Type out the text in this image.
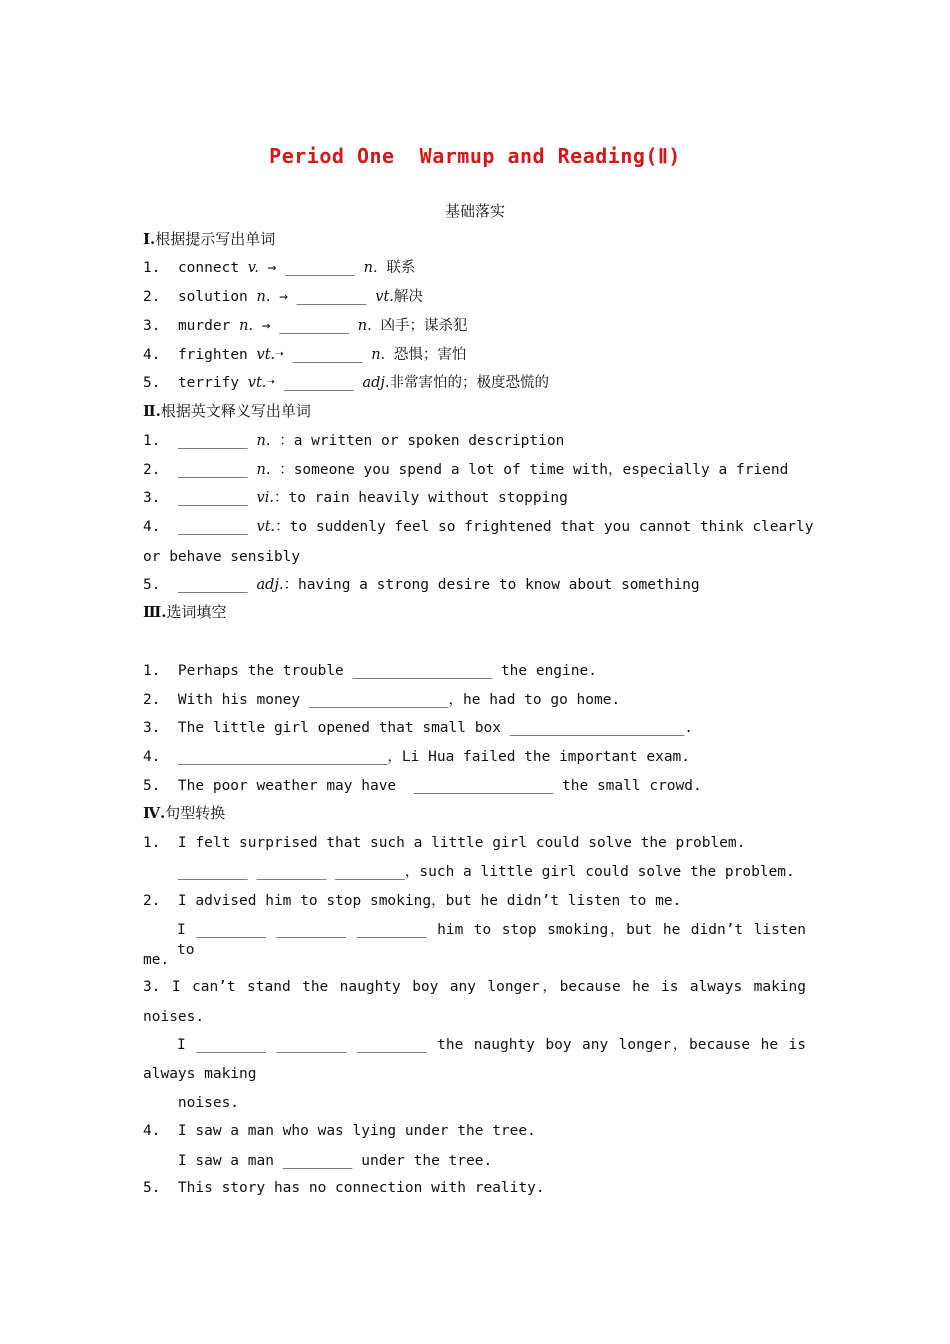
Period One  Warmup and Reading(Ⅱ)
基础落实
Ⅰ.根据提示写出单词
1. connect v. → ________ n. 联系
2. solution n. → ________ vt.解决
3. murder n. → ________ n. 凶手；谋杀犯
4. frighten vt.➝ ________ n. 恐惧；害怕
5. terrify vt.➝ ________ adj.非常害怕的；极度恐慌的
Ⅱ.根据英文释义写出单词
1. ________ n. ：a written or spoken description
2. ________ n. ：someone you spend a lot of time with，especially a friend
3. ________ vi.：to rain heavily without stopping
4. ________ vt.：to suddenly feel so frightened that you cannot think clearly
or behave sensibly
5. ________ adj.：having a strong desire to know about something
Ⅲ.选词填空
1.  Perhaps the trouble ________________ the engine.
2.  With his money ________________，he had to go home.
3.  The little girl opened that small box ____________________.
4.  ________________________，Li Hua failed the important exam.
5.  The poor weather may have  ________________ the small crowd.
Ⅳ.句型转换
1.  I felt surprised that such a little girl could solve the problem.
________ ________ ________，such a little girl could solve the problem.
2.  I advised him to stop smoking，but he didn’t listen to me.
I ________ ________ ________ him to stop smoking，but he didn’t listen to
me.
3. I can’t stand the naughty boy any longer，because he is always making
noises.
I ________ ________ ________ the naughty boy any longer，because he is
always making
noises.
4.  I saw a man who was lying under the tree.
I saw a man ________ under the tree.
5.  This story has no connection with reality.
